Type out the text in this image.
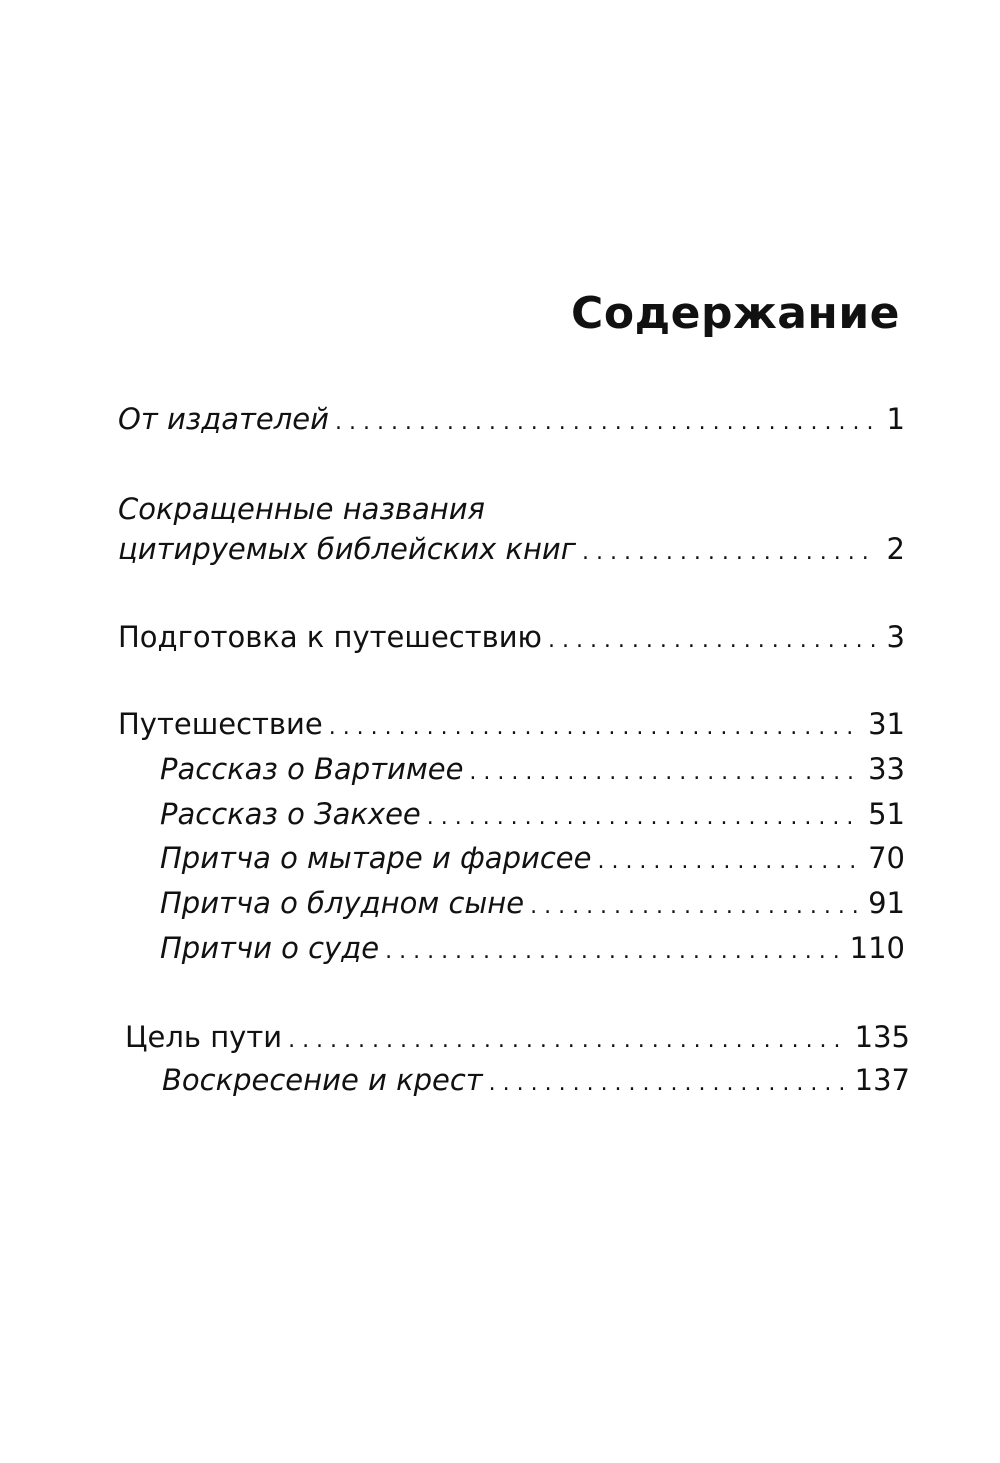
Содержание
От издателей . . .	1
Сокращенные названия
цитируемых библейских книг . . .	2
Подготовка к путешествию . . .	3
Путешествие . . .	31
Рассказ о Вартимее . . .	33
Рассказ о Закхее . . .	51
Притча о мытаре и фарисее . . .	70
Притча о блудном сыне . . .	91
Притчи о суде . . .	110
Цель пути . . .	135
Воскресение и крест . . .	137
